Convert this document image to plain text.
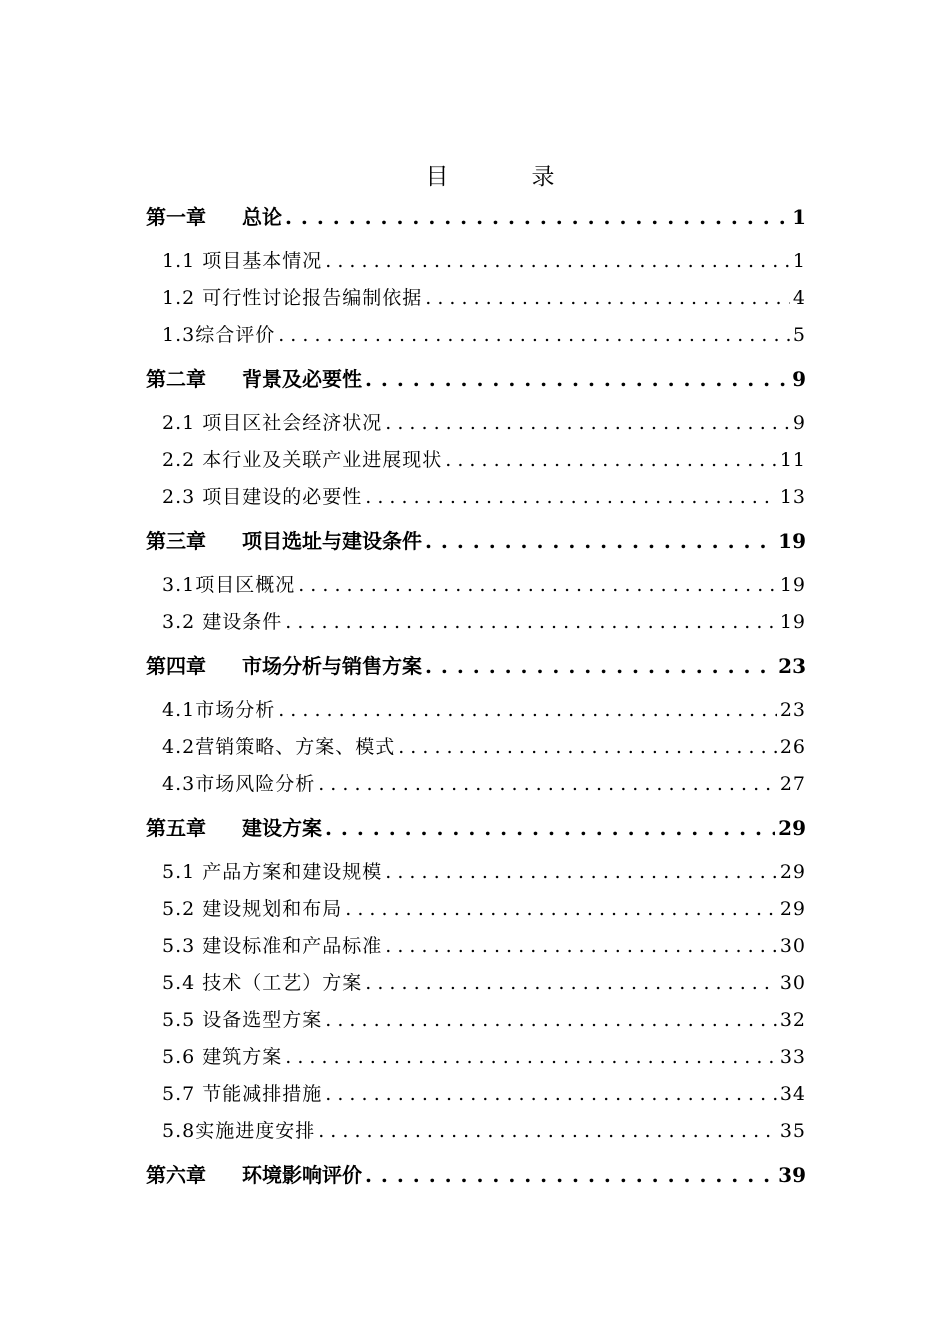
目　录
第一章 总论 . . .	1
1.1 项目基本情况 . . .	1
1.2 可行性讨论报告编制依据 . . .	4
1.3综合评价 . . .	5
第二章 背景及必要性 . . .	9
2.1 项目区社会经济状况 . . .	9
2.2 本行业及关联产业进展现状 . . .	11
2.3 项目建设的必要性 . . .	13
第三章 项目选址与建设条件 . . .	19
3.1项目区概况 . . .	19
3.2 建设条件 . . .	19
第四章 市场分析与销售方案 . . .	23
4.1市场分析 . . .	23
4.2营销策略、方案、模式 . . .	26
4.3市场风险分析 . . .	27
第五章 建设方案 . . .	29
5.1 产品方案和建设规模 . . .	29
5.2 建设规划和布局 . . .	29
5.3 建设标准和产品标准 . . .	30
5.4 技术（工艺）方案 . . .	30
5.5 设备选型方案 . . .	32
5.6 建筑方案 . . .	33
5.7 节能减排措施 . . .	34
5.8实施进度安排 . . .	35
第六章 环境影响评价 . . .	39
